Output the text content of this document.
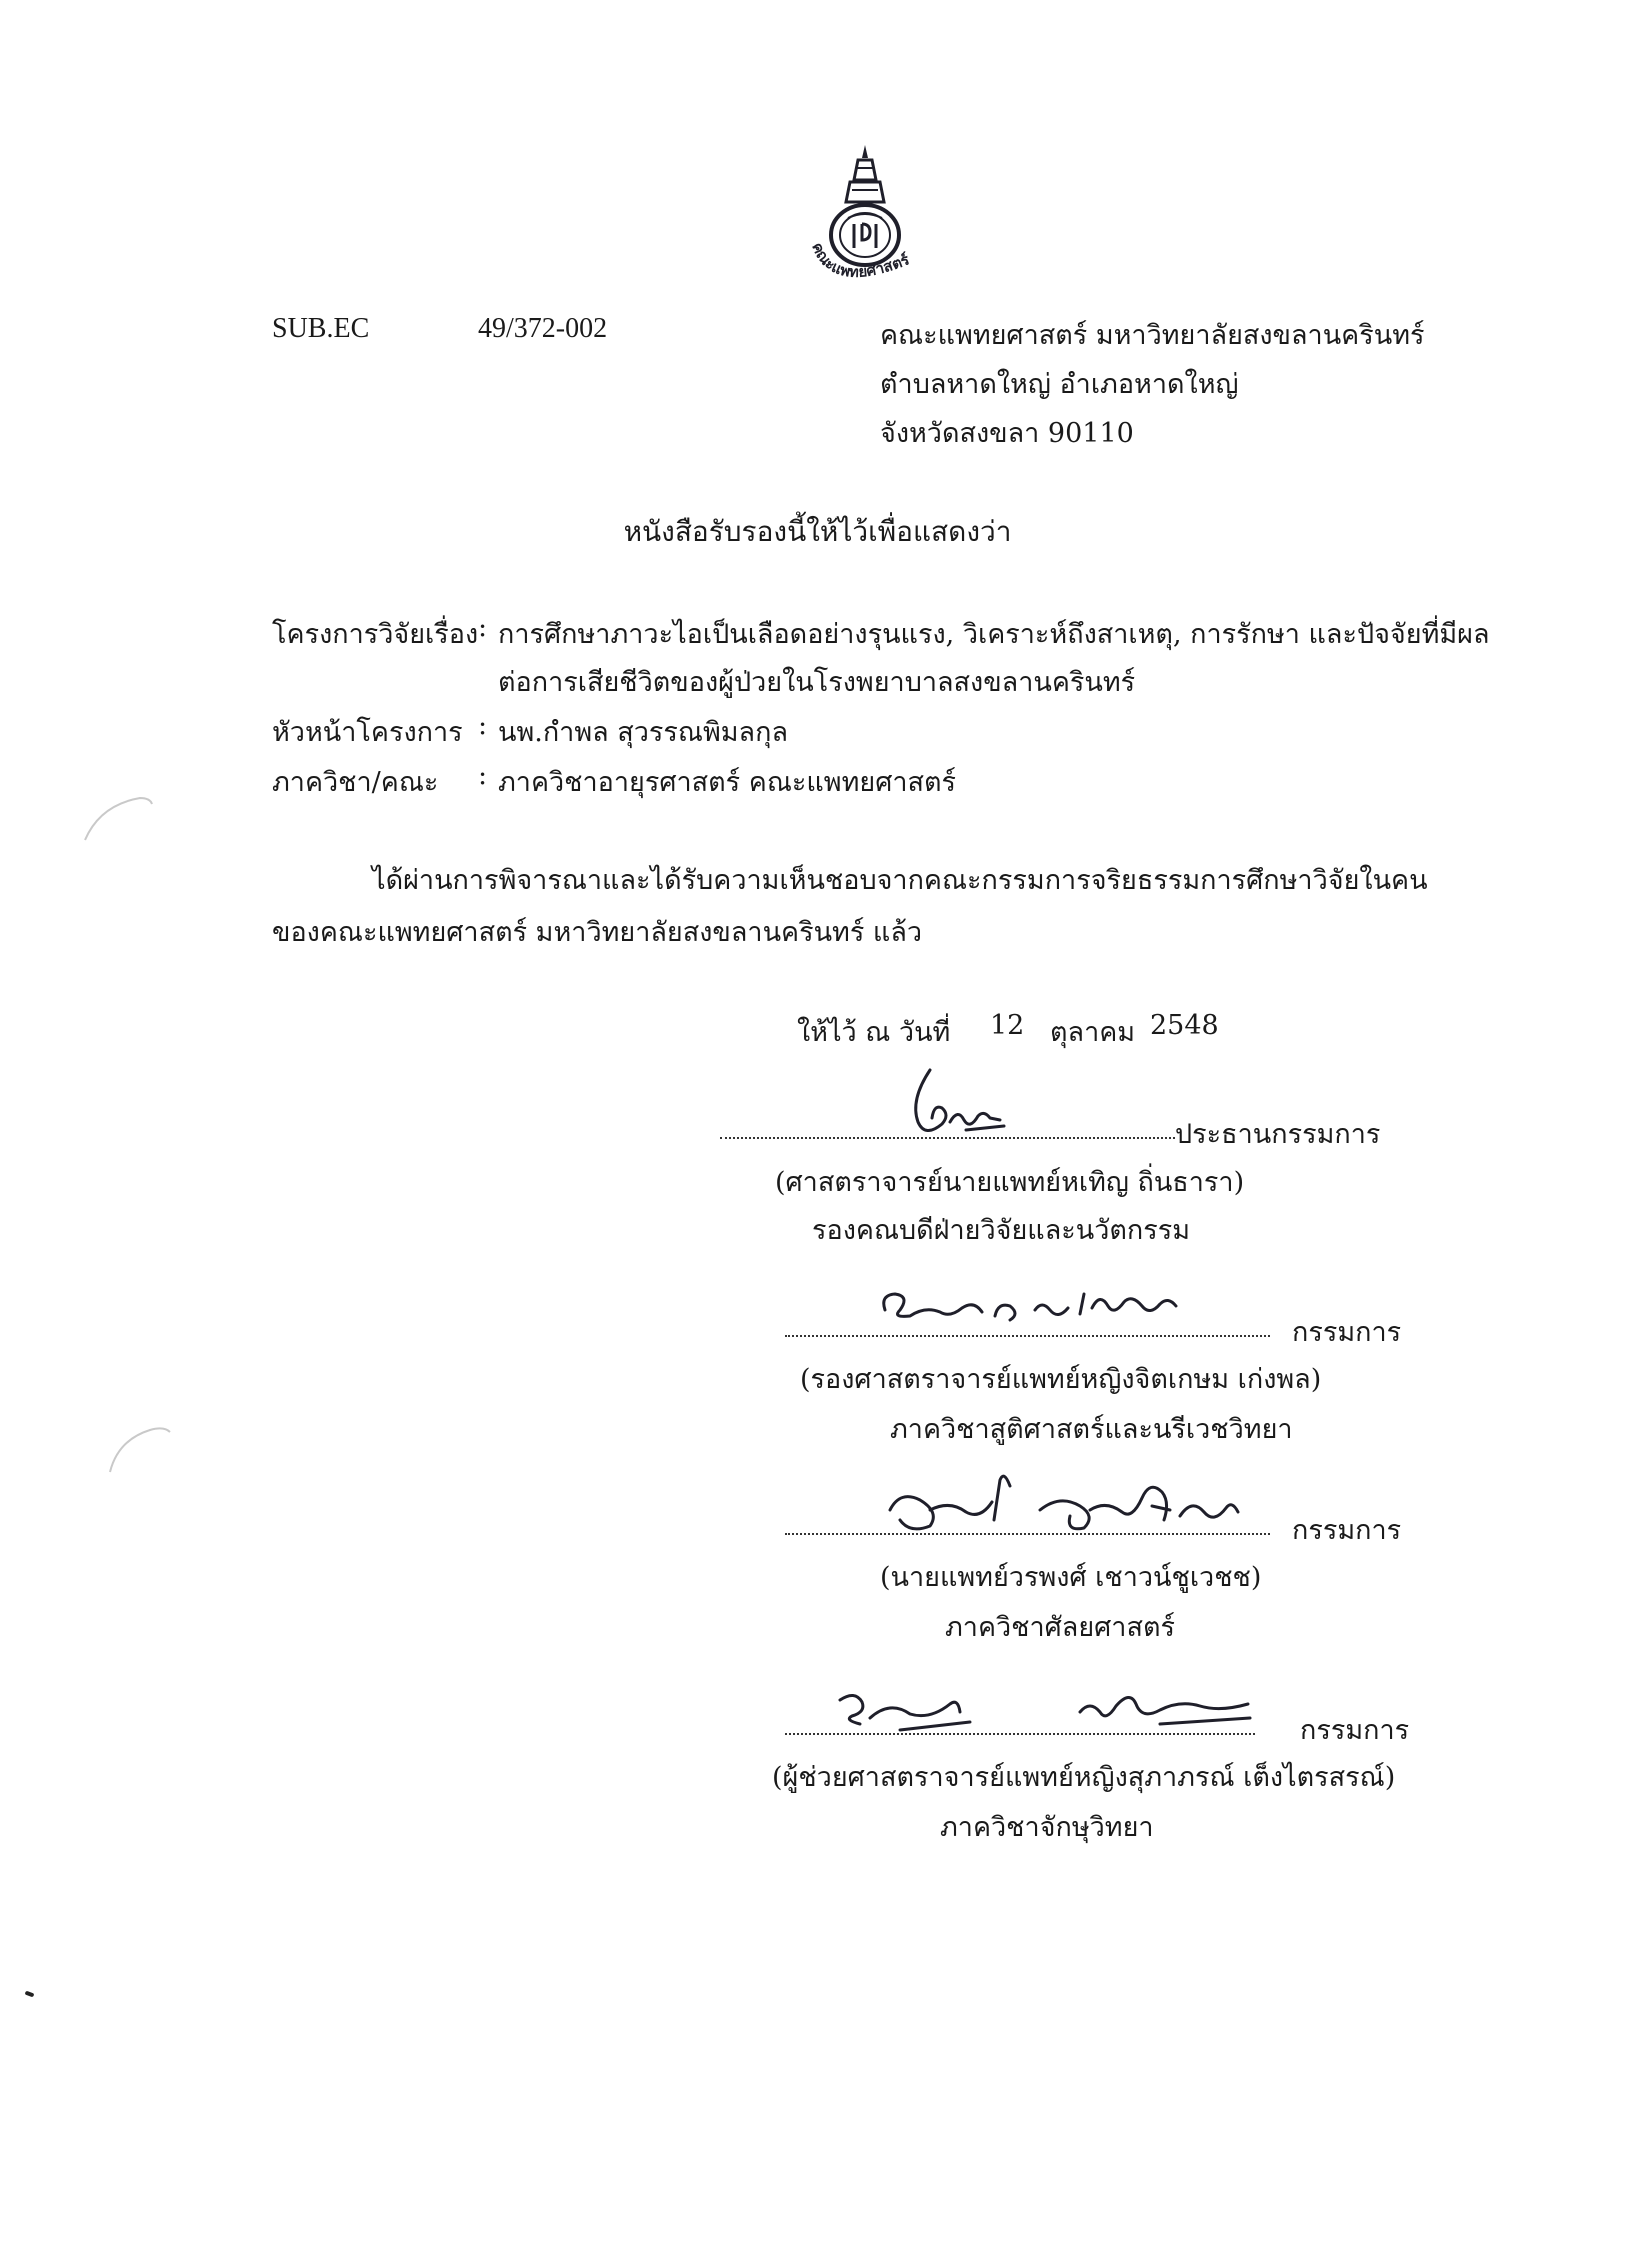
คณะแพทยศาสตร์
SUB.EC	49/372-002	คณะแพทยศาสตร์ มหาวิทยาลัยสงขลานครินทร์
ตำบลหาดใหญ่ อำเภอหาดใหญ่
จังหวัดสงขลา 90110
หนังสือรับรองนี้ให้ไว้เพื่อแสดงว่า
โครงการวิจัยเรื่อง : การศึกษาภาวะไอเป็นเลือดอย่างรุนแรง, วิเคราะห์ถึงสาเหตุ, การรักษา และปัจจัยที่มีผล
ต่อการเสียชีวิตของผู้ป่วยในโรงพยาบาลสงขลานครินทร์
หัวหน้าโครงการ : นพ.กำพล สุวรรณพิมลกุล
ภาควิชา/คณะ : ภาควิชาอายุรศาสตร์ คณะแพทยศาสตร์
ได้ผ่านการพิจารณาและได้รับความเห็นชอบจากคณะกรรมการจริยธรรมการศึกษาวิจัยในคน
ของคณะแพทยศาสตร์ มหาวิทยาลัยสงขลานครินทร์ แล้ว
ให้ไว้ ณ วันที่ 12 ตุลาคม 2548
ประธานกรรมการ
(ศาสตราจารย์นายแพทย์หเทิญ ถิ่นธารา)
รองคณบดีฝ่ายวิจัยและนวัตกรรม
กรรมการ
(รองศาสตราจารย์แพทย์หญิงจิตเกษม เก่งพล)
ภาควิชาสูติศาสตร์และนรีเวชวิทยา
กรรมการ
(นายแพทย์วรพงศ์ เชาวน์ชูเวชช)
ภาควิชาศัลยศาสตร์
กรรมการ
(ผู้ช่วยศาสตราจารย์แพทย์หญิงสุภาภรณ์ เต็งไตรสรณ์)
ภาควิชาจักษุวิทยา
